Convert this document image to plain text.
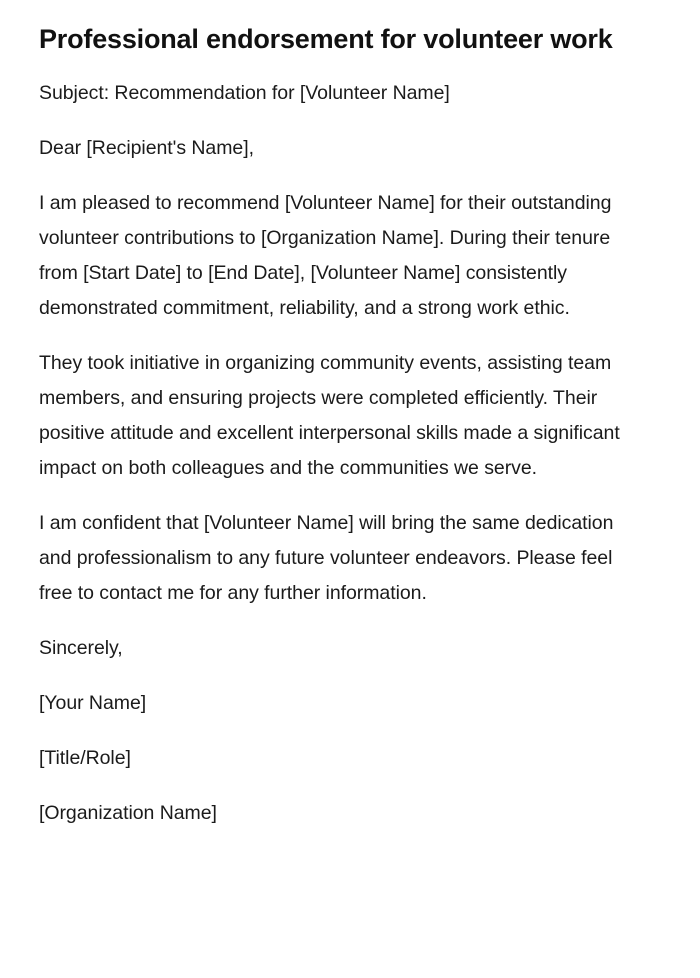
Professional endorsement for volunteer work

Subject: Recommendation for [Volunteer Name]

Dear [Recipient's Name],

I am pleased to recommend [Volunteer Name] for their outstanding volunteer contributions to [Organization Name]. During their tenure from [Start Date] to [End Date], [Volunteer Name] consistently demonstrated commitment, reliability, and a strong work ethic.

They took initiative in organizing community events, assisting team members, and ensuring projects were completed efficiently. Their positive attitude and excellent interpersonal skills made a significant impact on both colleagues and the communities we serve.

I am confident that [Volunteer Name] will bring the same dedication and professionalism to any future volunteer endeavors. Please feel free to contact me for any further information.

Sincerely,

[Your Name]

[Title/Role]

[Organization Name]
